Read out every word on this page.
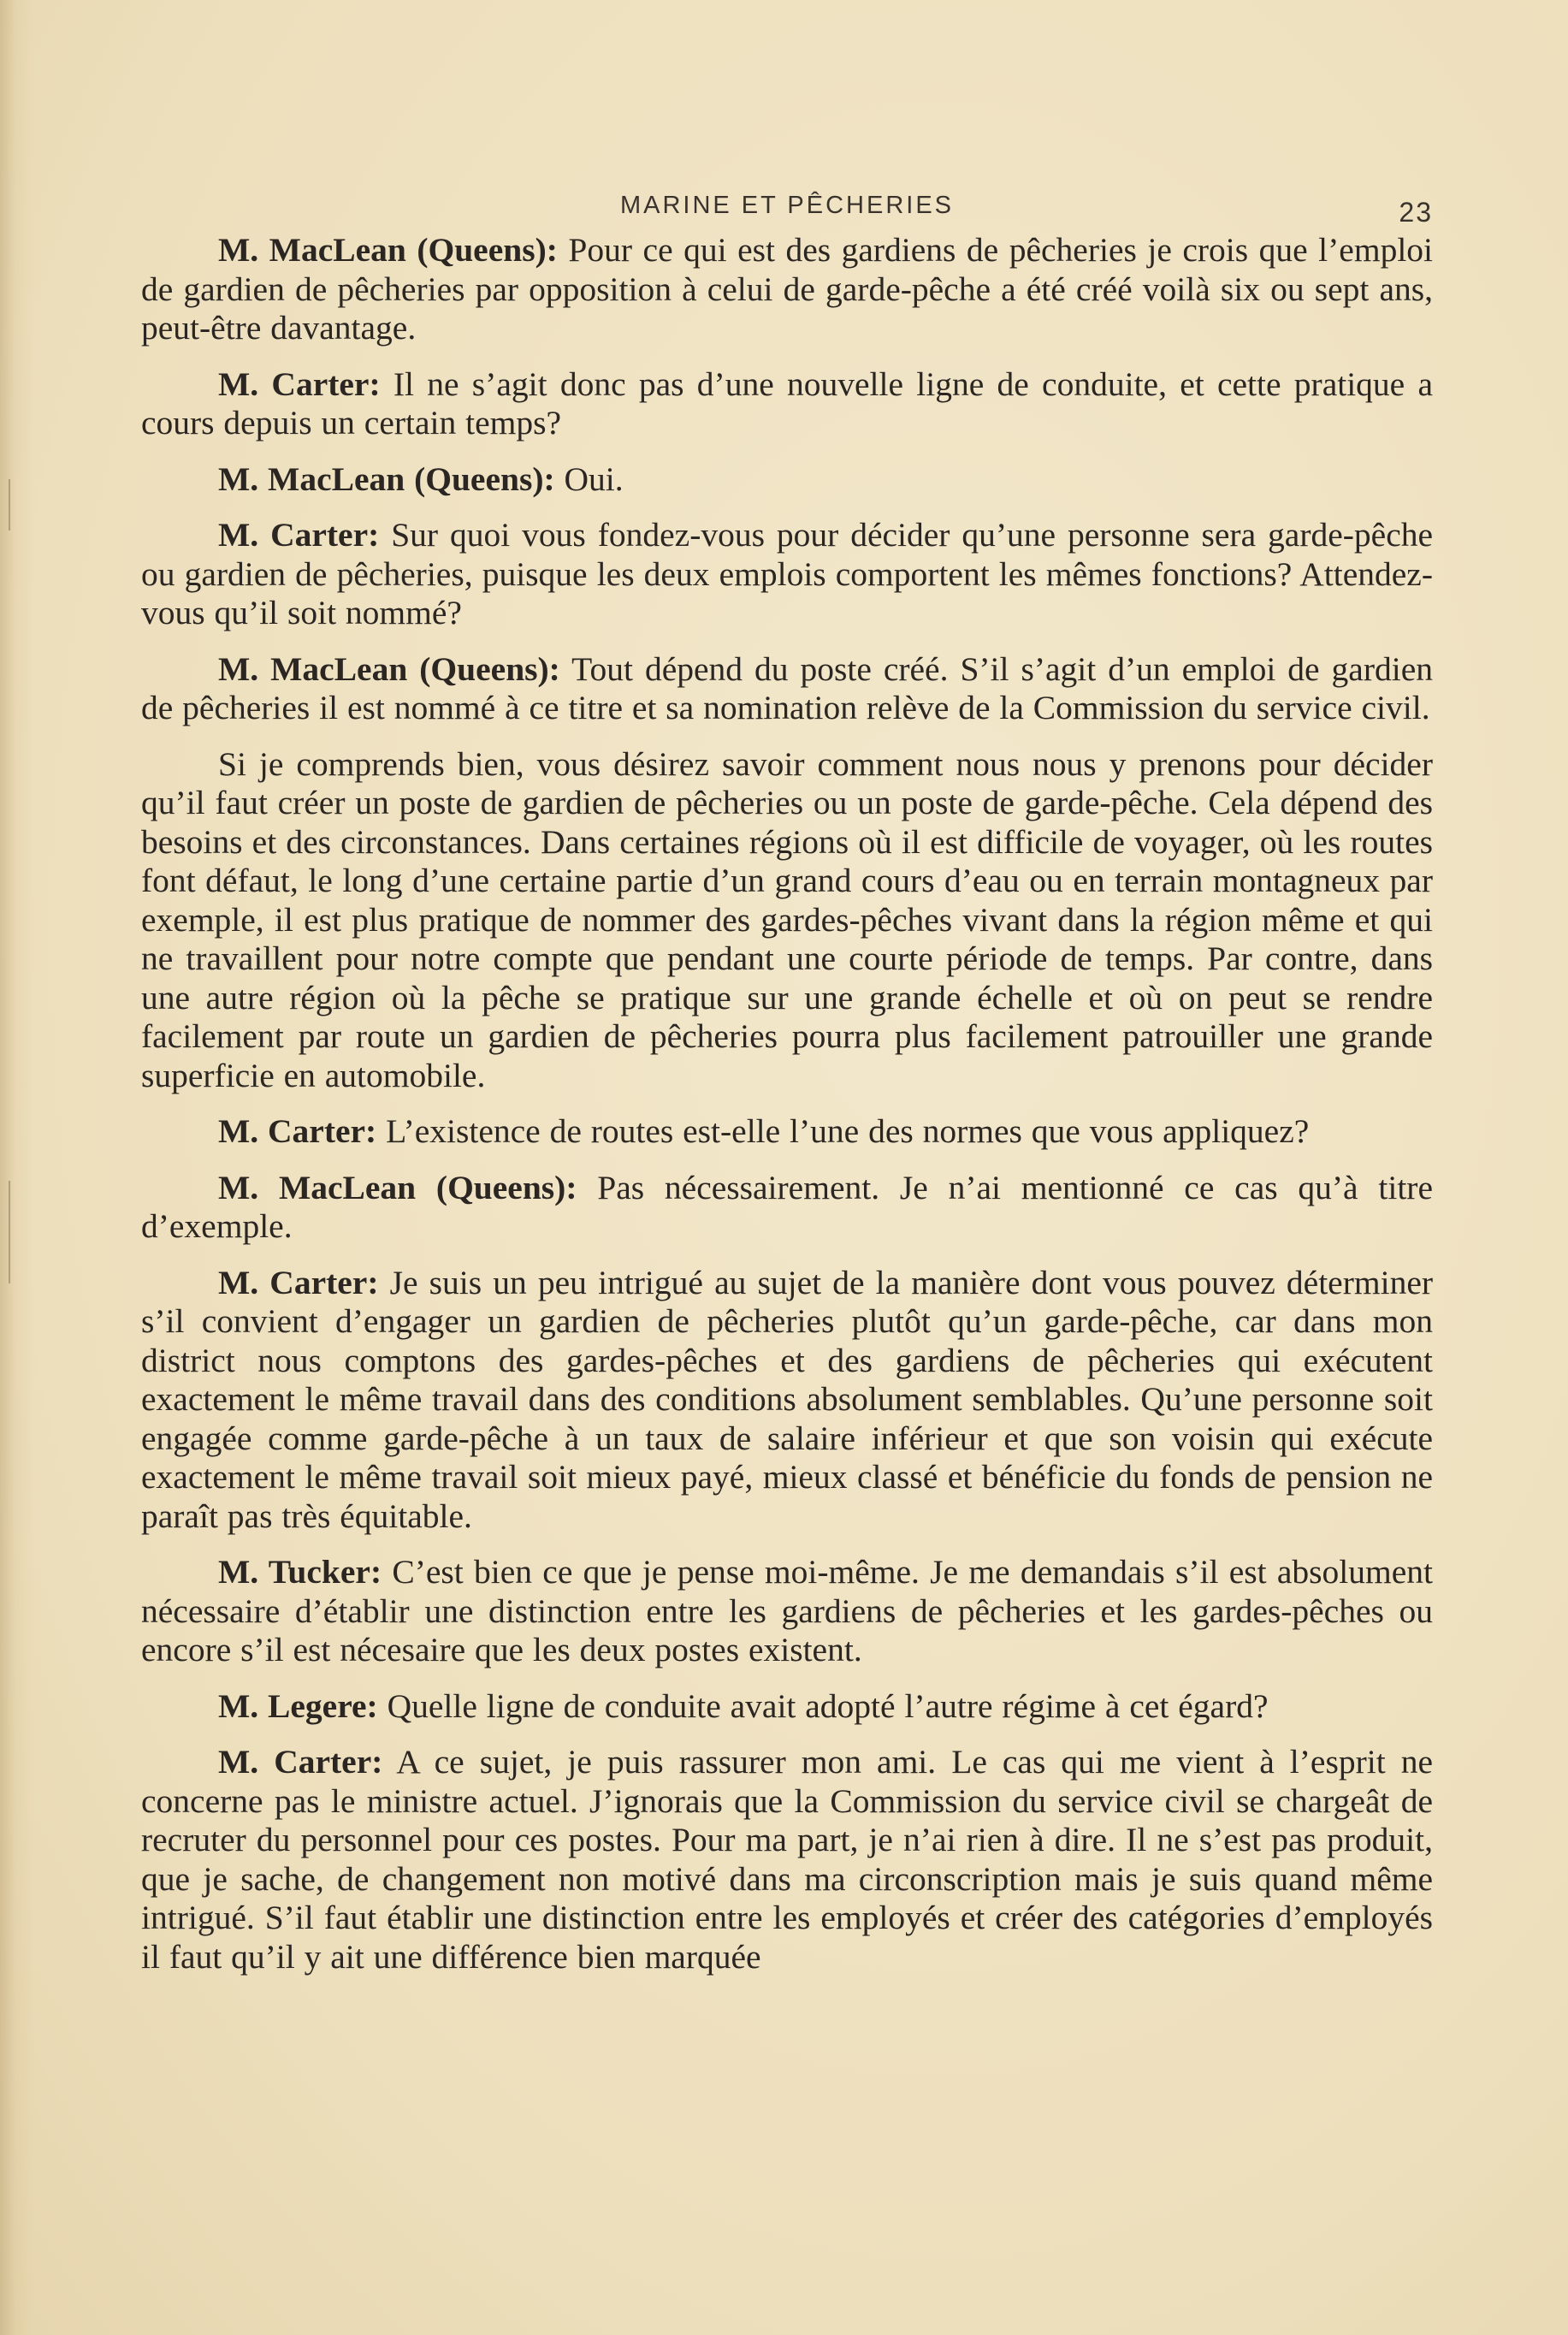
MARINE ET PÊCHERIES	23

M. MacLean (Queens): Pour ce qui est des gardiens de pêcheries je crois que l’emploi de gardien de pêcheries par opposition à celui de garde-pêche a été créé voilà six ou sept ans, peut-être davantage.

M. Carter: Il ne s’agit donc pas d’une nouvelle ligne de conduite, et cette pratique a cours depuis un certain temps?

M. MacLean (Queens): Oui.

M. Carter: Sur quoi vous fondez-vous pour décider qu’une personne sera garde-pêche ou gardien de pêcheries, puisque les deux emplois comportent les mêmes fonctions? Attendez-vous qu’il soit nommé?

M. MacLean (Queens): Tout dépend du poste créé. S’il s’agit d’un emploi de gardien de pêcheries il est nommé à ce titre et sa nomination relève de la Commission du service civil.

Si je comprends bien, vous désirez savoir comment nous nous y prenons pour décider qu’il faut créer un poste de gardien de pêcheries ou un poste de garde-pêche. Cela dépend des besoins et des circonstances. Dans certaines régions où il est difficile de voyager, où les routes font défaut, le long d’une certaine partie d’un grand cours d’eau ou en terrain montagneux par exemple, il est plus pratique de nommer des gardes-pêches vivant dans la région même et qui ne travaillent pour notre compte que pendant une courte période de temps. Par contre, dans une autre région où la pêche se pratique sur une grande échelle et où on peut se rendre facilement par route un gardien de pêcheries pourra plus facilement patrouiller une grande superficie en automobile.

M. Carter: L’existence de routes est-elle l’une des normes que vous appliquez?

M. MacLean (Queens): Pas nécessairement. Je n’ai mentionné ce cas qu’à titre d’exemple.

M. Carter: Je suis un peu intrigué au sujet de la manière dont vous pouvez déterminer s’il convient d’engager un gardien de pêcheries plutôt qu’un garde-pêche, car dans mon district nous comptons des gardes-pêches et des gardiens de pêcheries qui exécutent exactement le même travail dans des conditions absolument semblables. Qu’une personne soit engagée comme garde-pêche à un taux de salaire inférieur et que son voisin qui exécute exactement le même travail soit mieux payé, mieux classé et bénéficie du fonds de pension ne paraît pas très équitable.

M. Tucker: C’est bien ce que je pense moi-même. Je me demandais s’il est absolument nécessaire d’établir une distinction entre les gardiens de pêcheries et les gardes-pêches ou encore s’il est nécesaire que les deux postes existent.

M. Legere: Quelle ligne de conduite avait adopté l’autre régime à cet égard?

M. Carter: A ce sujet, je puis rassurer mon ami. Le cas qui me vient à l’esprit ne concerne pas le ministre actuel. J’ignorais que la Commission du service civil se chargeât de recruter du personnel pour ces postes. Pour ma part, je n’ai rien à dire. Il ne s’est pas produit, que je sache, de changement non motivé dans ma circonscription mais je suis quand même intrigué. S’il faut établir une distinction entre les employés et créer des catégories d’employés il faut qu’il y ait une différence bien marquée
